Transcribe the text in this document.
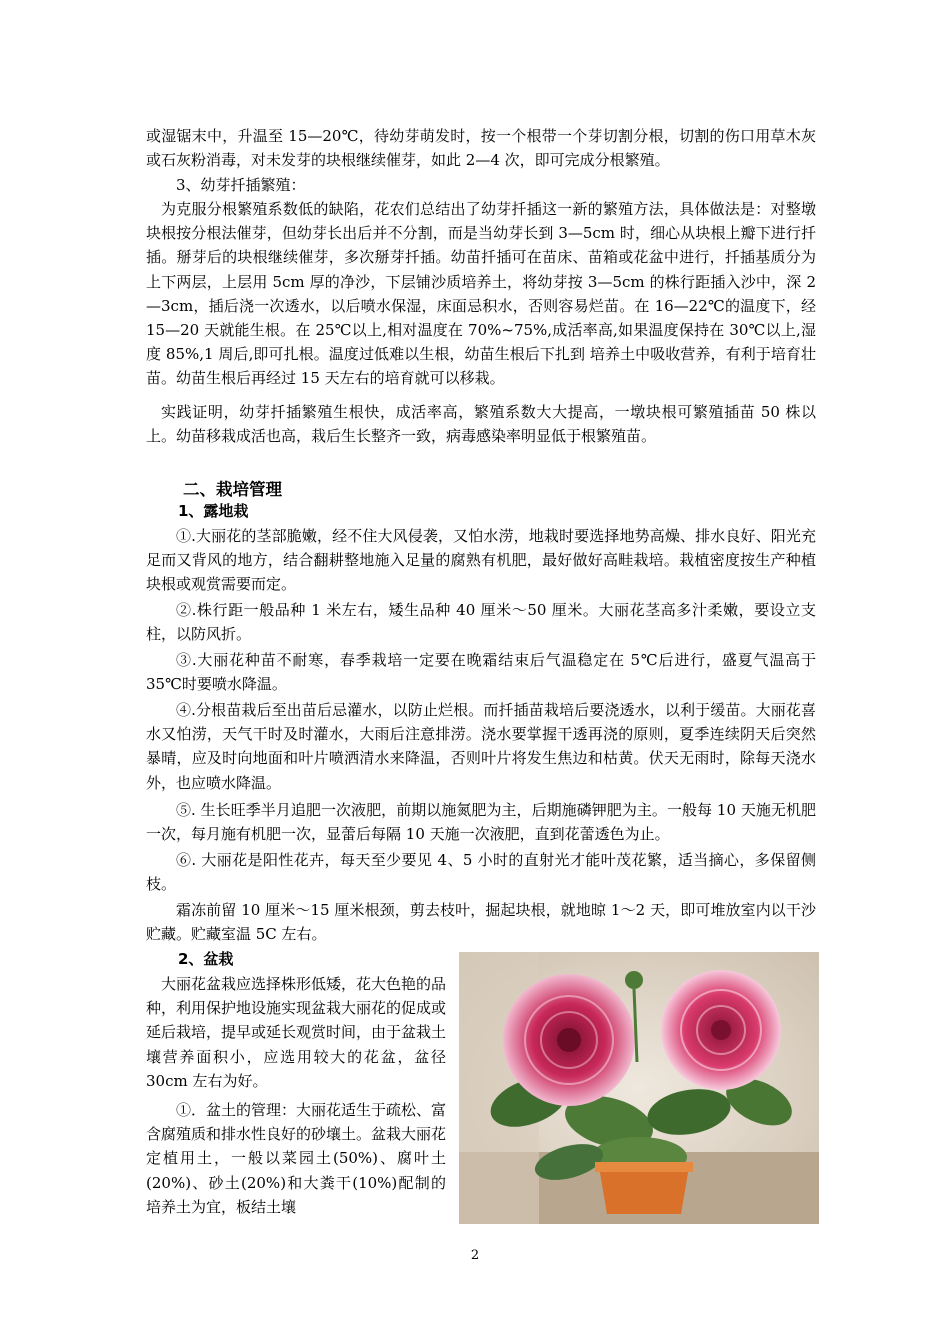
或湿锯末中，升温至 15—20℃，待幼芽萌发时，按一个根带一个芽切割分根，切割的伤口用草木灰或石灰粉消毒，对未发芽的块根继续催芽，如此 2—4 次，即可完成分根繁殖。

3、幼芽扦插繁殖：

为克服分根繁殖系数低的缺陷，花农们总结出了幼芽扦插这一新的繁殖方法，具体做法是：对整墩块根按分根法催芽，但幼芽长出后并不分割，而是当幼芽长到 3—5cm 时，细心从块根上瓣下进行扦插。掰芽后的块根继续催芽，多次掰芽扦插。幼苗扦插可在苗床、苗箱或花盆中进行，扦插基质分为上下两层，上层用 5cm 厚的净沙，下层铺沙质培养土，将幼芽按 3—5cm 的株行距插入沙中，深 2—3cm，插后浇一次透水，以后喷水保湿，床面忌积水，否则容易烂苗。在 16—22℃的温度下，经 15—20 天就能生根。在 25℃以上,相对温度在 70%~75%,成活率高,如果温度保持在 30℃以上,湿度 85%,1 周后,即可扎根。温度过低难以生根，幼苗生根后下扎到 培养土中吸收营养，有利于培育壮苗。幼苗生根后再经过 15 天左右的培育就可以移栽。

实践证明，幼芽扦插繁殖生根快，成活率高，繁殖系数大大提高，一墩块根可繁殖插苗 50 株以上。幼苗移栽成活也高，栽后生长整齐一致，病毒感染率明显低于根繁殖苗。

二、栽培管理
1、露地栽

①.大丽花的茎部脆嫩，经不住大风侵袭，又怕水涝，地栽时要选择地势高燥、排水良好、阳光充足而又背风的地方，结合翻耕整地施入足量的腐熟有机肥，最好做好高畦栽培。栽植密度按生产种植块根或观赏需要而定。

②.株行距一般品种 1 米左右，矮生品种 40 厘米～50 厘米。大丽花茎高多汁柔嫩，要设立支柱，以防风折。

③.大丽花种苗不耐寒，春季栽培一定要在晚霜结束后气温稳定在 5℃后进行，盛夏气温高于 35℃时要喷水降温。

④.分根苗栽后至出苗后忌灌水，以防止烂根。而扦插苗栽培后要浇透水，以利于缓苗。大丽花喜水又怕涝，天气干时及时灌水，大雨后注意排涝。浇水要掌握干透再浇的原则，夏季连续阴天后突然暴晴，应及时向地面和叶片喷洒清水来降温，否则叶片将发生焦边和枯黄。伏天无雨时，除每天浇水外，也应喷水降温。

⑤. 生长旺季半月追肥一次液肥，前期以施氮肥为主，后期施磷钾肥为主。一般每 10 天施无机肥一次，每月施有机肥一次，显蕾后每隔 10 天施一次液肥，直到花蕾透色为止。

⑥. 大丽花是阳性花卉，每天至少要见 4、5 小时的直射光才能叶茂花繁，适当摘心，多保留侧枝。

霜冻前留 10 厘米～15 厘米根颈，剪去枝叶，掘起块根，就地晾 1～2 天，即可堆放室内以干沙贮藏。贮藏室温 5C 左右。

2、盆栽

大丽花盆栽应选择株形低矮，花大色艳的品种，利用保护地设施实现盆栽大丽花的促成或延后栽培，提早或延长观赏时间，由于盆栽土壤营养面积小，应选用较大的花盆，盆径 30cm 左右为好。

①．盆土的管理：大丽花适生于疏松、富含腐殖质和排水性良好的砂壤土。盆栽大丽花定植用土，一般以菜园土(50%)、腐叶土(20%)、砂土(20%)和大粪干(10%)配制的培养土为宜，板结土壤

2
